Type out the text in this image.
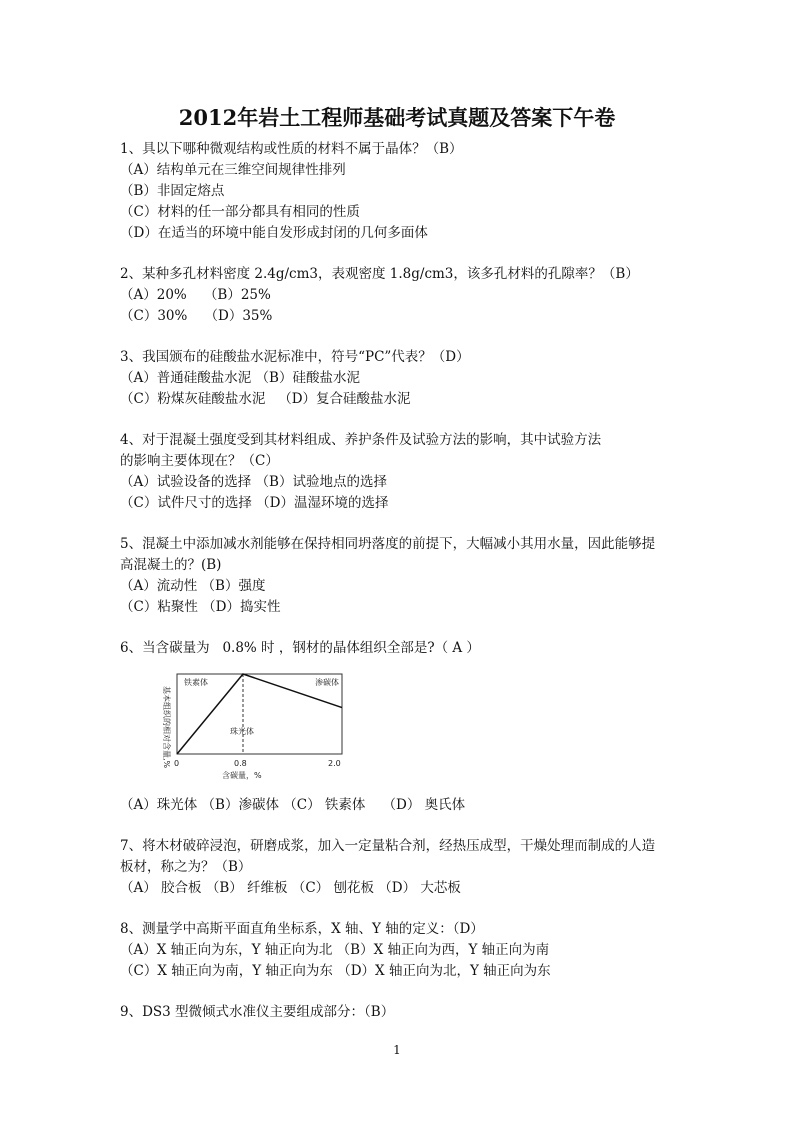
2012年岩土工程师基础考试真题及答案下午卷

1、具以下哪种微观结构或性质的材料不属于晶体？（B）

（A）结构单元在三维空间规律性排列

（B）非固定熔点

（C）材料的任一部分都具有相同的性质

（D）在适当的环境中能自发形成封闭的几何多面体

2、某种多孔材料密度 2.4g/cm3，表观密度 1.8g/cm3，该多孔材料的孔隙率？（B）

（A）20%    （B）25%

（C）30%    （D）35%

3、我国颁布的硅酸盐水泥标准中，符号“PC”代表？（D）

（A）普通硅酸盐水泥 （B）硅酸盐水泥

（C）粉煤灰硅酸盐水泥   （D）复合硅酸盐水泥

4、对于混凝土强度受到其材料组成、养护条件及试验方法的影响，其中试验方法

的影响主要体现在？（C）

（A）试验设备的选择 （B）试验地点的选择

（C）试件尺寸的选择 （D）温湿环境的选择

5、混凝土中添加减水剂能够在保持相同坍落度的前提下，大幅减小其用水量，因此能够提

高混凝土的？(B)

（A）流动性 （B）强度

（C）粘聚性 （D）捣实性

6、当含碳量为   0.8% 时 ，钢材的晶体组织全部是?（ A ）

铁素体	渗碳体
珠光体
0	0.8	2.0
含碳量，%
基本组织的相对含量,%

（A）珠光体 （B）渗碳体 （C） 铁素体    （D） 奥氏体

7、将木材破碎浸泡，研磨成浆，加入一定量粘合剂，经热压成型，干燥处理而制成的人造

板材，称之为？（B）

（A） 胶合板 （B） 纤维板 （C） 刨花板 （D） 大芯板

8、测量学中高斯平面直角坐标系，X 轴、Y 轴的定义：（D）

（A）X 轴正向为东，Y 轴正向为北 （B）X 轴正向为西，Y 轴正向为南

（C）X 轴正向为南，Y 轴正向为东 （D）X 轴正向为北，Y 轴正向为东

9、DS3 型微倾式水准仪主要组成部分：（B）

1
